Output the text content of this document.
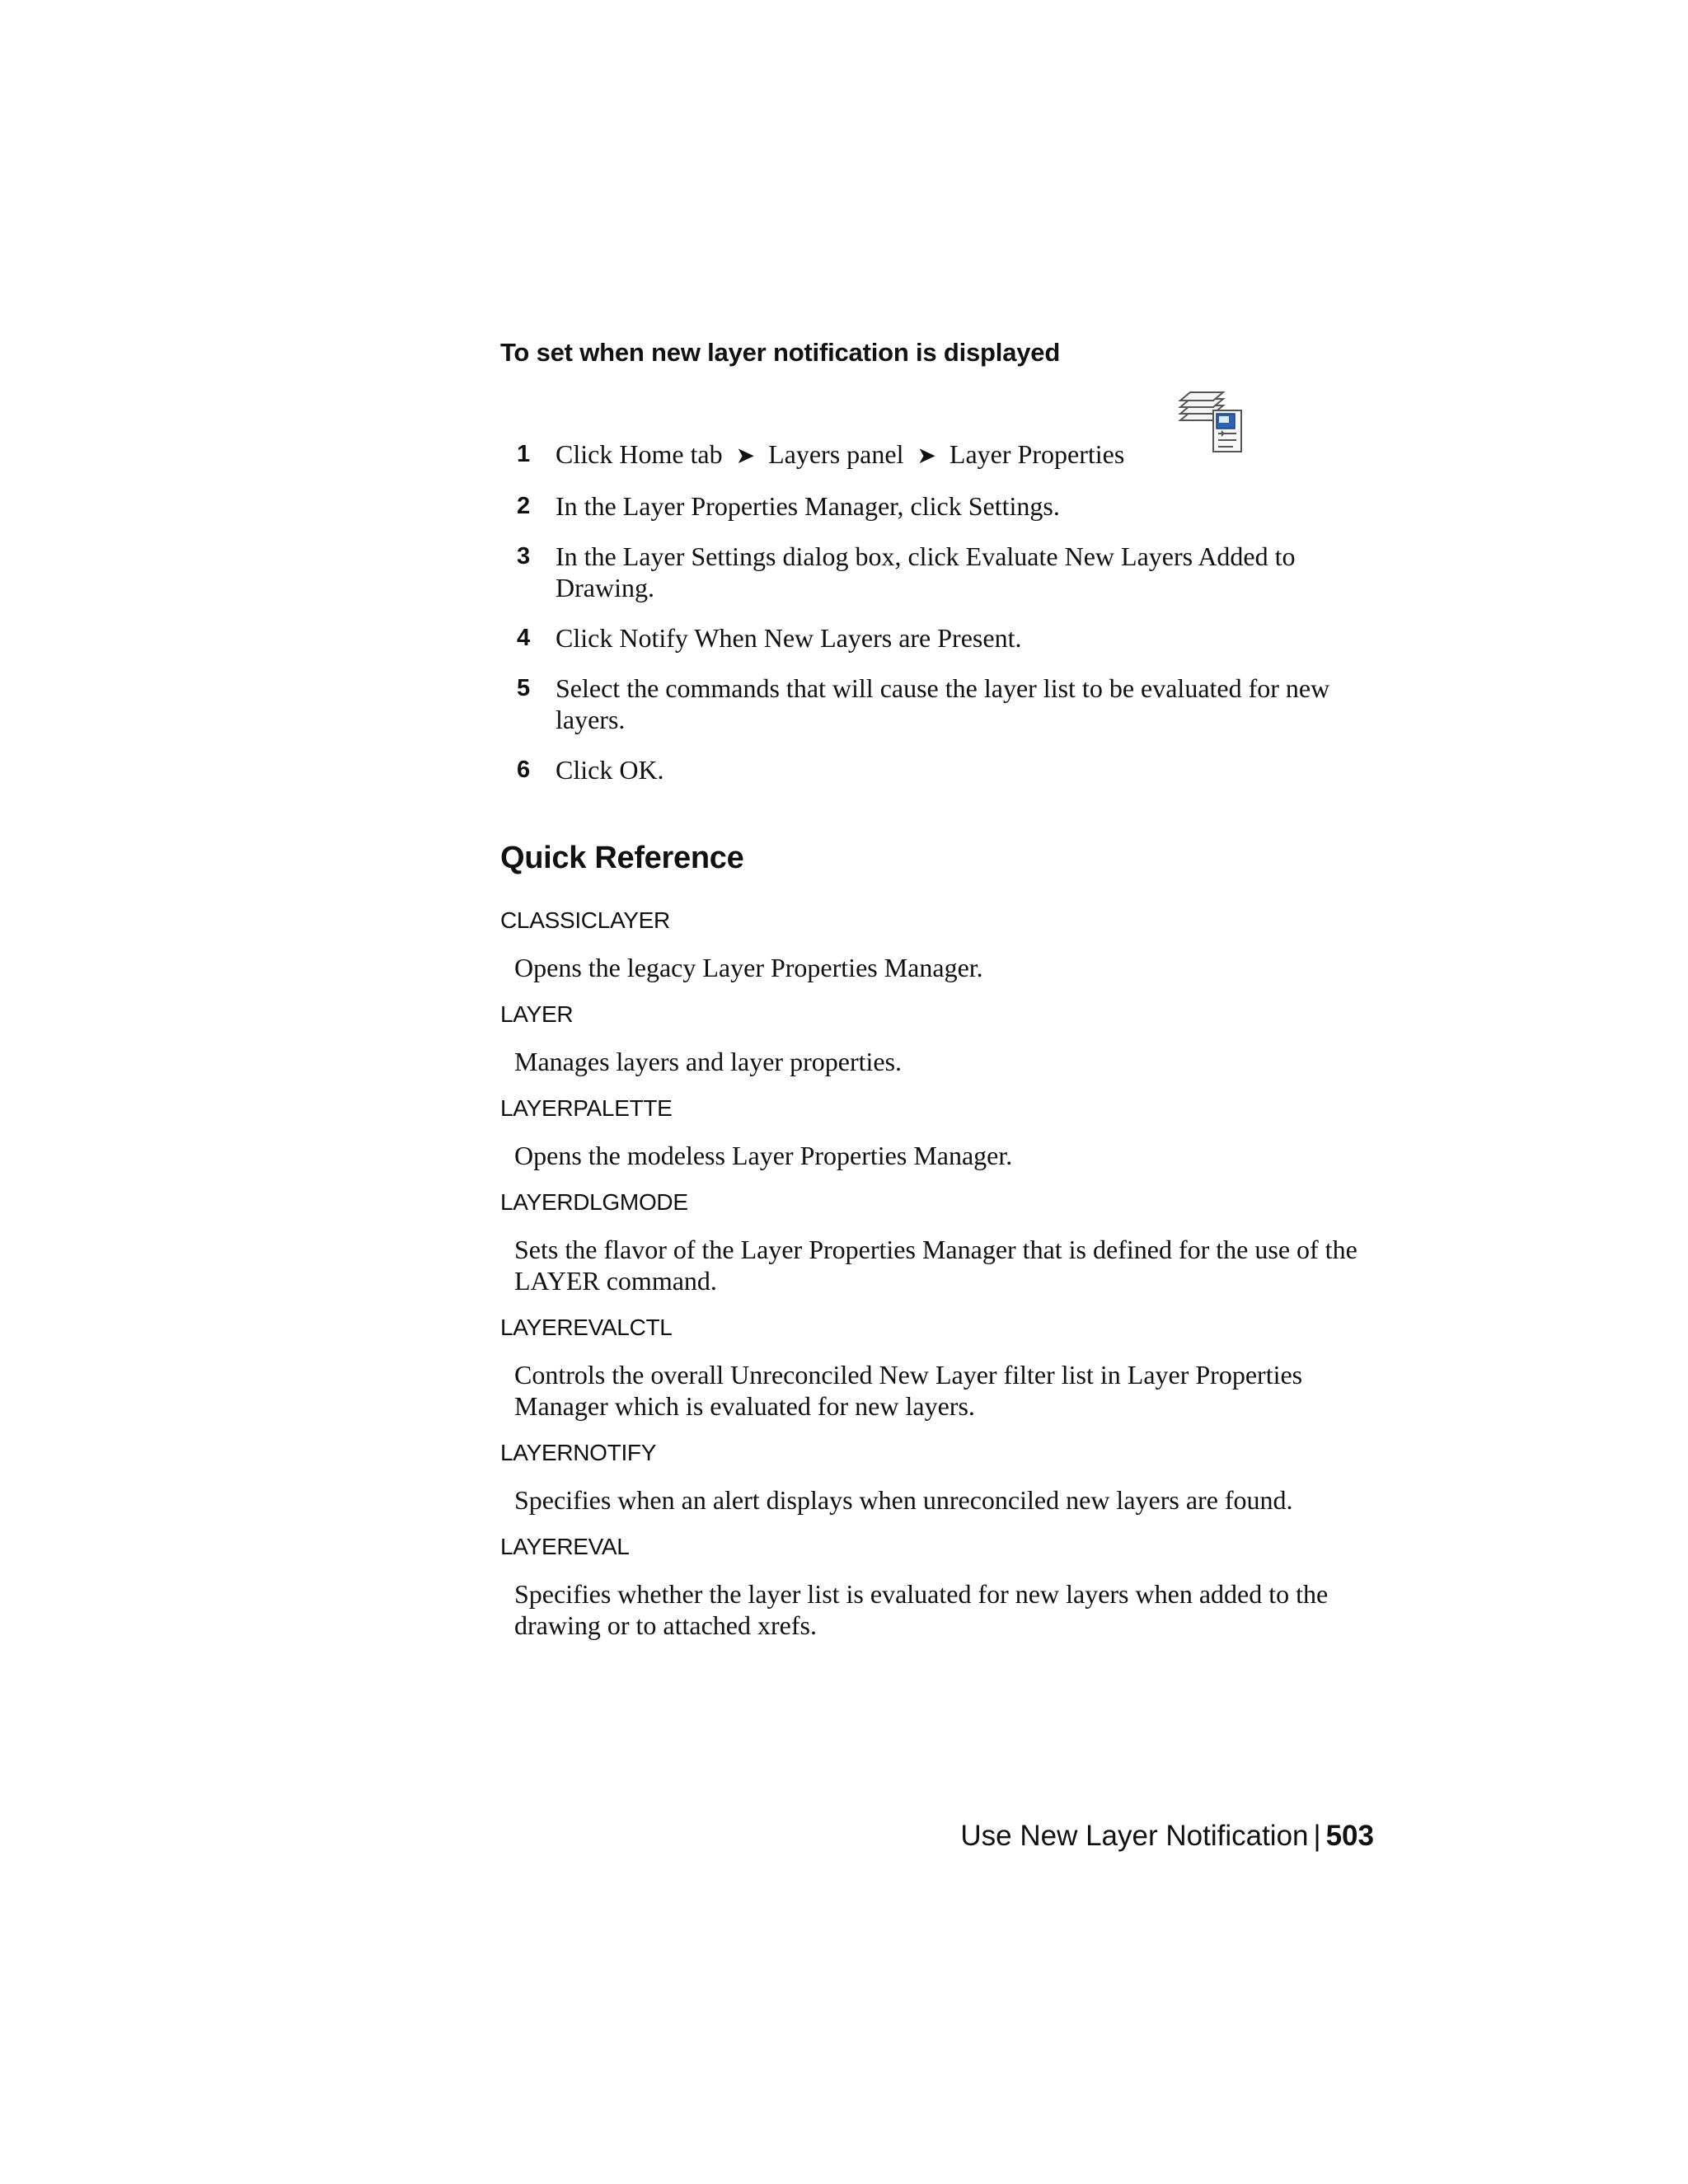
To set when new layer notification is displayed
1 Click Home tab ➤ Layers panel ➤ Layer Properties
2 In the Layer Properties Manager, click Settings.
3 In the Layer Settings dialog box, click Evaluate New Layers Added to Drawing.
4 Click Notify When New Layers are Present.
5 Select the commands that will cause the layer list to be evaluated for new layers.
6 Click OK.
Quick Reference

CLASSICLAYER

Opens the legacy Layer Properties Manager.

LAYER

Manages layers and layer properties.

LAYERPALETTE

Opens the modeless Layer Properties Manager.

LAYERDLGMODE

Sets the flavor of the Layer Properties Manager that is defined for the use of the LAYER command.

LAYEREVALCTL

Controls the overall Unreconciled New Layer filter list in Layer Properties Manager which is evaluated for new layers.

LAYERNOTIFY

Specifies when an alert displays when unreconciled new layers are found.

LAYEREVAL

Specifies whether the layer list is evaluated for new layers when added to the drawing or to attached xrefs.

Use New Layer Notification | 503
